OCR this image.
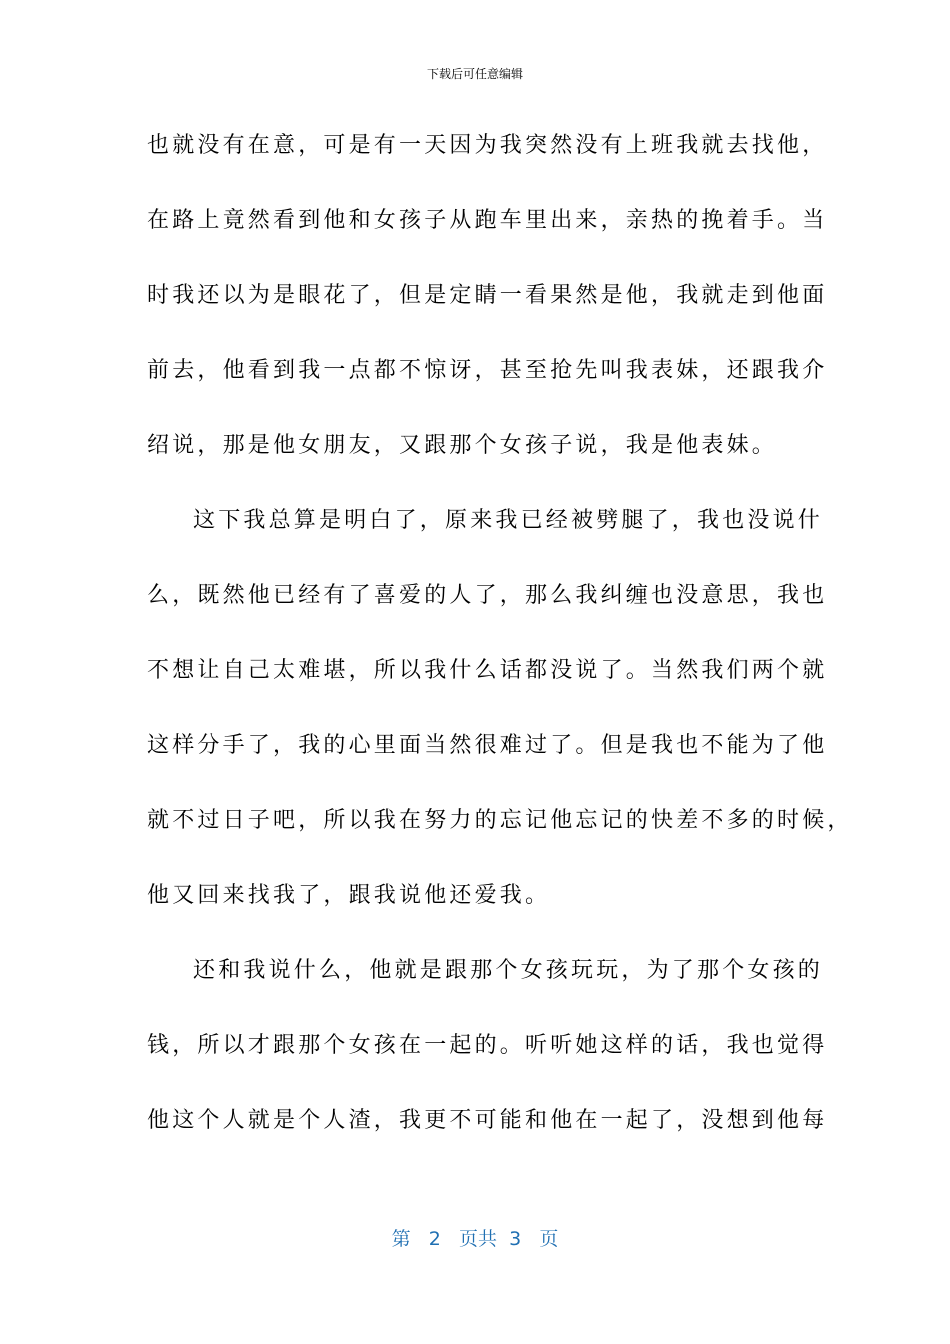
下载后可任意编辑
也就没有在意，可是有一天因为我突然没有上班我就去找他，
在路上竟然看到他和女孩子从跑车里出来，亲热的挽着手。当
时我还以为是眼花了，但是定睛一看果然是他，我就走到他面
前去，他看到我一点都不惊讶，甚至抢先叫我表妹，还跟我介
绍说，那是他女朋友，又跟那个女孩子说，我是他表妹。
这下我总算是明白了，原来我已经被劈腿了，我也没说什
么，既然他已经有了喜爱的人了，那么我纠缠也没意思，我也
不想让自己太难堪，所以我什么话都没说了。当然我们两个就
这样分手了，我的心里面当然很难过了。但是我也不能为了他
就不过日子吧，所以我在努力的忘记他忘记的快差不多的时候，
他又回来找我了，跟我说他还爱我。
还和我说什么，他就是跟那个女孩玩玩，为了那个女孩的
钱，所以才跟那个女孩在一起的。听听她这样的话，我也觉得
他这个人就是个人渣，我更不可能和他在一起了，没想到他每
第 2 页共 3 页
